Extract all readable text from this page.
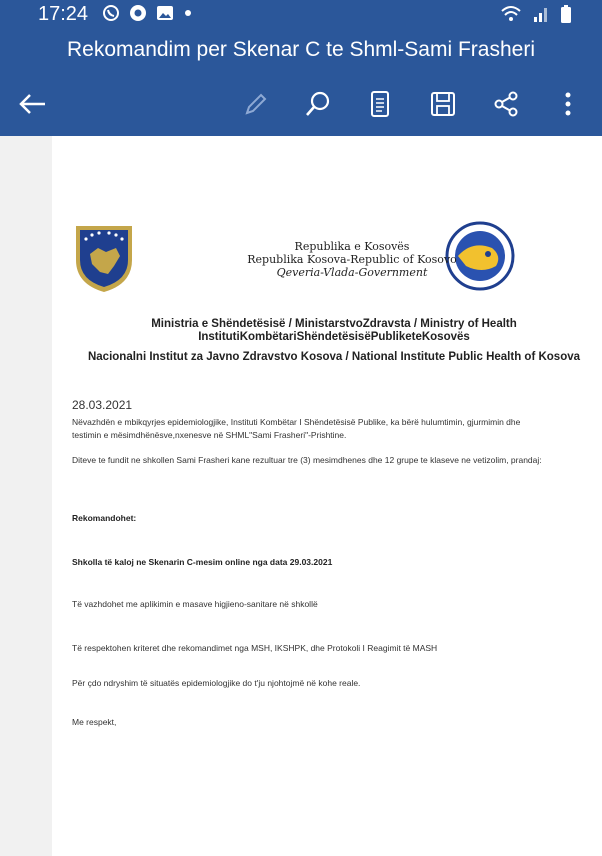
17:24
Rekomandim per Skenar C te Shml-Sami Frasheri
Republika e Kosovës
Republika Kosova-Republic of Kosovo
Qeveria-Vlada-Government
Ministria e Shëndetësisë / MinistarstvoZdravsta / Ministry of Health
InstitutiKombëtariShëndetësisëPubliketeKosovës
Nacionalni Institut za Javno Zdravstvo Kosova / National Institute Public Health of Kosova
28.03.2021
Nëvazhdën e mbikqyrjes epidemiologjike, Instituti Kombëtar I Shëndetësisë Publike, ka bërë hulumtimin, gjurmimin dhe testimin e mësimdhënësve,nxenesve në SHML"Sami Frasheri"-Prishtine.
Diteve te fundit ne shkollen Sami Frasheri kane rezultuar tre (3) mesimdhenes dhe 12 grupe te klaseve ne vetizolim, prandaj:
Rekomandohet:
Shkolla të kaloj ne Skenarin C-mesim online nga data 29.03.2021
Të vazhdohet me aplikimin e masave higjieno-sanitare në shkollë
Të respektohen kriteret dhe rekomandimet nga MSH, IKSHPK, dhe Protokoli I Reagimit të MASH
Për çdo ndryshim të situatës epidemiologjike do t'ju njohtojmë në kohe reale.
Me respekt,
